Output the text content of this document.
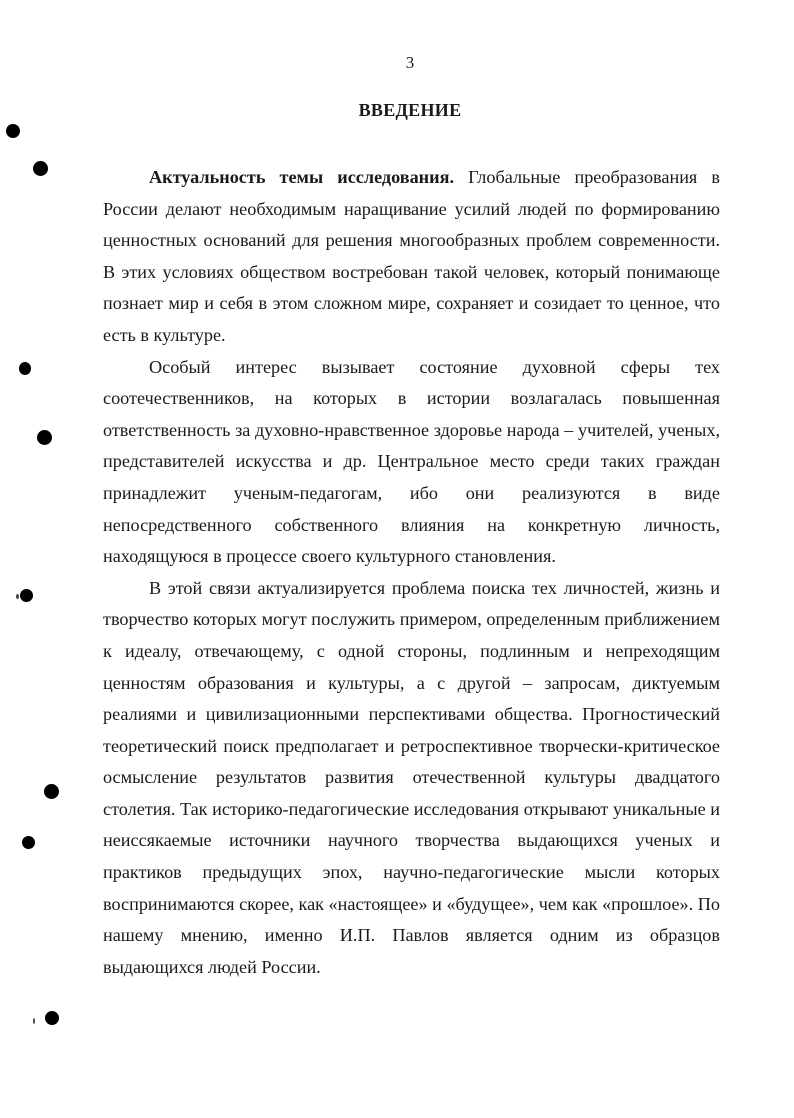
3
ВВЕДЕНИЕ

Актуальность темы исследования. Глобальные преобразования в России делают необходимым наращивание усилий людей по формированию ценностных оснований для решения многообразных проблем современности. В этих условиях обществом востребован такой человек, который понимающе познает мир и себя в этом сложном мире, сохраняет и созидает то ценное, что есть в культуре.

Особый интерес вызывает состояние духовной сферы тех соотечественников, на которых в истории возлагалась повышенная ответственность за духовно-нравственное здоровье народа – учителей, ученых, представителей искусства и др. Центральное место среди таких граждан принадлежит ученым-педагогам, ибо они реализуются в виде непосредственного собственного влияния на конкретную личность, находящуюся в процессе своего культурного становления.

В этой связи актуализируется проблема поиска тех личностей, жизнь и творчество которых могут послужить примером, определенным приближением к идеалу, отвечающему, с одной стороны, подлинным и непреходящим ценностям образования и культуры, а с другой – запросам, диктуемым реалиями и цивилизационными перспективами общества. Прогностический теоретический поиск предполагает и ретроспективное творчески-критическое осмысление результатов развития отечественной культуры двадцатого столетия. Так историко-педагогические исследования открывают уникальные и неиссякаемые источники научного творчества выдающихся ученых и практиков предыдущих эпох, научно-педагогические мысли которых воспринимаются скорее, как «настоящее» и «будущее», чем как «прошлое». По нашему мнению, именно И.П. Павлов является одним из образцов выдающихся людей России.
